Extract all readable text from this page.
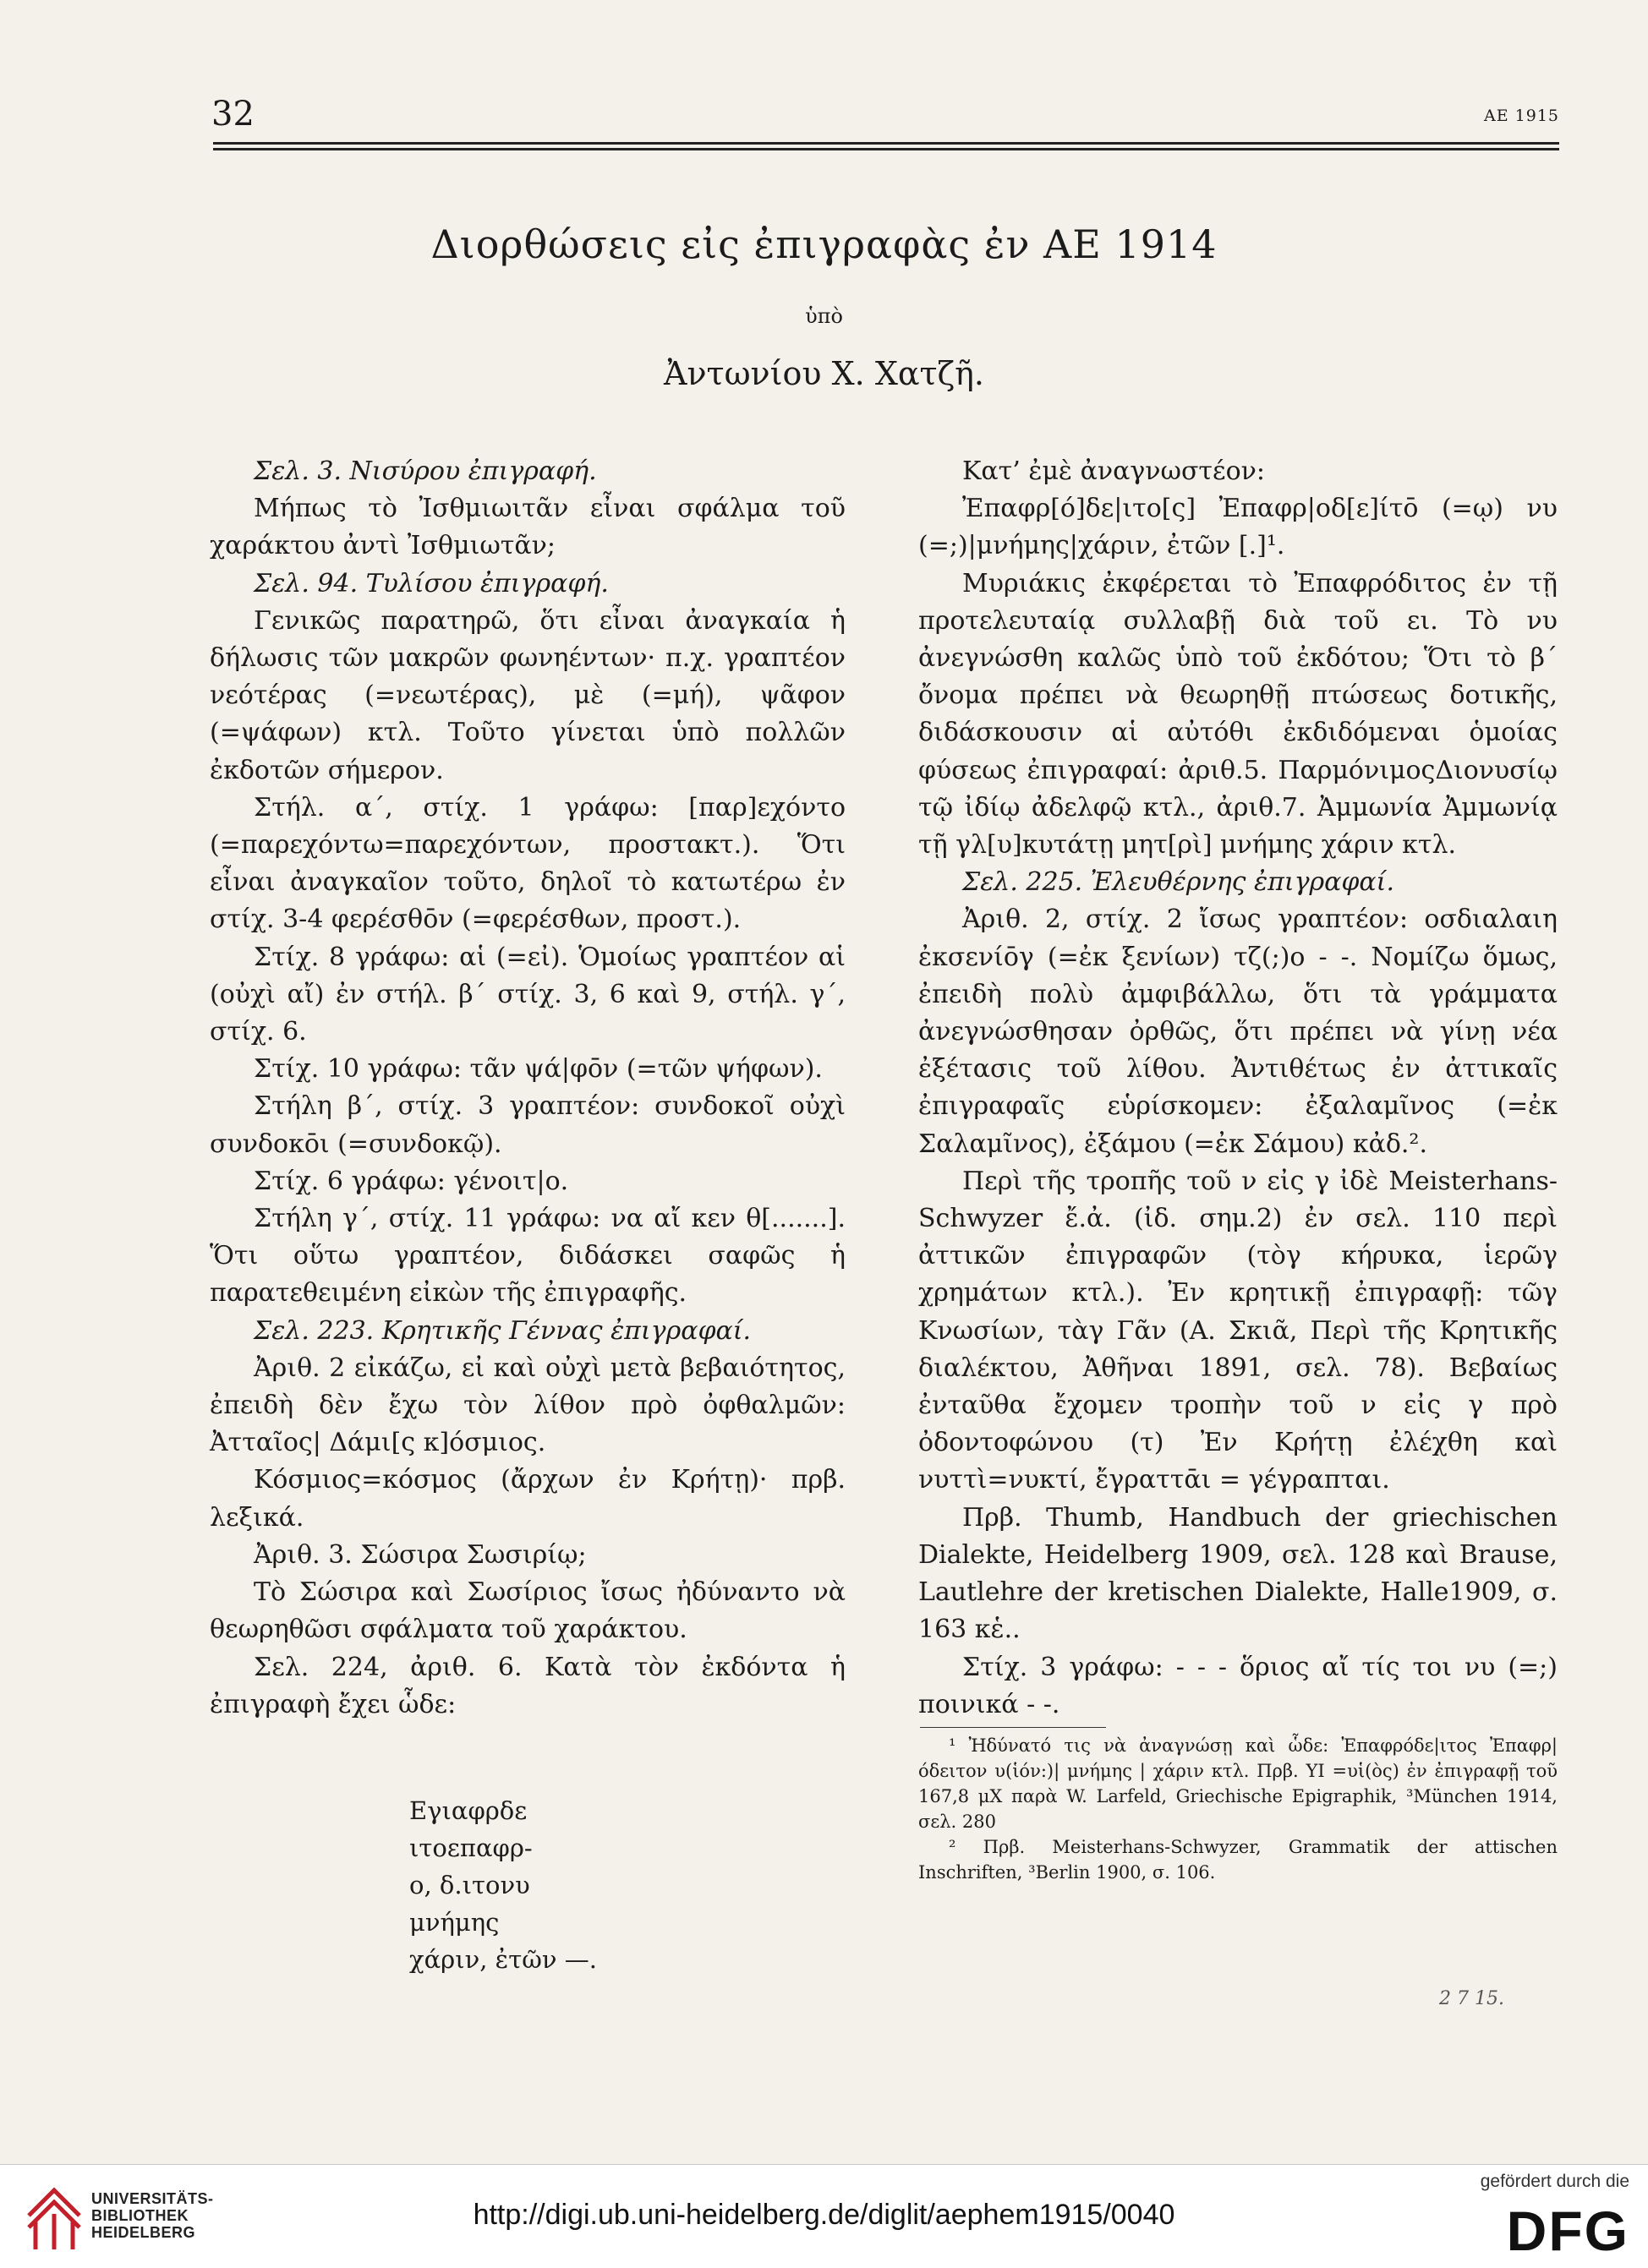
32	ΑΕ 1915
Διορθώσεις εἰς ἐπιγραφὰς ἐν ΑΕ 1914
ὑπὸ
Ἀντωνίου Χ. Χατζῆ.

Σελ. 3. Νισύρου ἐπιγραφή.

Μήπως τὸ Ἰσθμιωιτᾶν εἶναι σφάλμα τοῦ χαράκτου ἀντὶ Ἰσθμιωτᾶν;

Σελ. 94. Τυλίσου ἐπιγραφή.

Γενικῶς παρατηρῶ, ὅτι εἶναι ἀναγκαία ἡ δήλωσις τῶν μακρῶν φωνηέντων· π.χ. γραπτέον νεότέρας (=νεωτέρας), μὲ (=μή), ψᾶφον (=ψάφων) κτλ. Τοῦτο γίνεται ὑπὸ πολλῶν ἐκδοτῶν σήμερον.

Στήλ. α΄, στίχ. 1 γράφω: [παρ]εχόντο (=παρεχόντω=παρεχόντων, προστακτ.). Ὅτι εἶναι ἀναγκαῖον τοῦτο, δηλοῖ τὸ κατωτέρω ἐν στίχ. 3-4 φερέσθōν (=φερέσθων, προστ.).

Στίχ. 8 γράφω: αἱ (=εἰ). Ὁμοίως γραπτέον αἱ (οὐχὶ αἴ) ἐν στήλ. β΄ στίχ. 3, 6 καὶ 9, στήλ. γ΄, στίχ. 6.

Στίχ. 10 γράφω: τᾶν ψά|φōν (=τῶν ψήφων).

Στήλη β΄, στίχ. 3 γραπτέον: συνδοκοῖ οὐχὶ συνδοκōι (=συνδοκῷ).

Στίχ. 6 γράφω: γένοιτ|ο.

Στήλη γ΄, στίχ. 11 γράφω: να αἴ κεν θ[.......]. Ὅτι οὕτω γραπτέον, διδάσκει σαφῶς ἡ παρατεθειμένη εἰκὼν τῆς ἐπιγραφῆς.

Σελ. 223. Κρητικῆς Γέννας ἐπιγραφαί.

Ἀριθ. 2 εἰκάζω, εἰ καὶ οὐχὶ μετὰ βεβαιότητος, ἐπειδὴ δὲν ἔχω τὸν λίθον πρὸ ὀφθαλμῶν: Ἀτταῖος| Δάμι[ς κ]όσμιος.

Κόσμιος=κόσμος (ἄρχων ἐν Κρήτῃ)· πρβ. λεξικά.

Ἀριθ. 3. Σώσιρα Σωσιρίῳ;

Τὸ Σώσιρα καὶ Σωσίριος ἴσως ἠδύναντο νὰ θεωρηθῶσι σφάλματα τοῦ χαράκτου.

Σελ. 224, ἀριθ. 6. Κατὰ τὸν ἐκδόντα ἡ ἐπιγραφὴ ἔχει ὧδε:

Εγιαφρδε
ιτοεπαφρ-
ο, δ.ιτονυ
μνήμης
χάριν, ἐτῶν —.

Κατ’ ἐμὲ ἀναγνωστέον:

Ἐπαφρ[ό]δε|ιτο[ς] Ἐπαφρ|οδ[ε]ίτō (=ῳ) νυ (=;)|μνήμης|χάριν, ἐτῶν [.]¹.

Μυριάκις ἐκφέρεται τὸ Ἐπαφρόδιτος ἐν τῇ προτελευταίᾳ συλλαβῇ διὰ τοῦ ει. Τὸ νυ ἀνεγνώσθη καλῶς ὑπὸ τοῦ ἐκδότου; Ὅτι τὸ β΄ ὄνομα πρέπει νὰ θεωρηθῇ πτώσεως δοτικῆς, διδάσκουσιν αἱ αὐτόθι ἐκδιδόμεναι ὁμοίας φύσεως ἐπιγραφαί: ἀριθ.5. ΠαρμόνιμοςΔιονυσίῳ τῷ ἰδίῳ ἀδελφῷ κτλ., ἀριθ.7. Ἀμμωνία Ἀμμωνίᾳ τῇ γλ[υ]κυτάτῃ μητ[ρὶ] μνήμης χάριν κτλ.

Σελ. 225. Ἐλευθέρνης ἐπιγραφαί.

Ἀριθ. 2, στίχ. 2 ἴσως γραπτέον: οσδιαλαιη ἐκσενίōγ (=ἐκ ξενίων) τζ(;)ο - -. Νομίζω ὅμως, ἐπειδὴ πολὺ ἀμφιβάλλω, ὅτι τὰ γράμματα ἀνεγνώσθησαν ὀρθῶς, ὅτι πρέπει νὰ γίνῃ νέα ἐξέτασις τοῦ λίθου. Ἀντιθέτως ἐν ἀττικαῖς ἐπιγραφαῖς εὑρίσκομεν: ἐξαλαμῖνος (=ἐκ Σαλαμῖνος), ἐξάμου (=ἐκ Σάμου) κἀδ.².

Περὶ τῆς τροπῆς τοῦ ν εἰς γ ἰδὲ Meisterhans-Schwyzer ἔ.ἀ. (ἰδ. σημ.2) ἐν σελ. 110 περὶ ἀττικῶν ἐπιγραφῶν (τὸγ κήρυκα, ἱερῶγ χρημάτων κτλ.). Ἐν κρητικῇ ἐπιγραφῇ: τῶγ Κνωσίων, τὰγ Γᾶν (Α. Σκιᾶ, Περὶ τῆς Κρητικῆς διαλέκτου, Ἀθῆναι 1891, σελ. 78). Βεβαίως ἐνταῦθα ἔχομεν τροπὴν τοῦ ν εἰς γ πρὸ ὀδοντοφώνου (τ) Ἐν Κρήτῃ ἐλέχθη καὶ νυττὶ=νυκτί, ἔγραττᾱι = γέγραπται.

Πρβ. Thumb, Handbuch der griechischen Dialekte, Heidelberg 1909, σελ. 128 καὶ Brause, Lautlehre der kretischen Dialekte, Halle1909, σ. 163 κἑ..

Στίχ. 3 γράφω: - - - ὅριος αἴ τίς τοι νυ (=;) ποινικά - -.

¹ Ἠδύνατό τις νὰ ἀναγνώσῃ καὶ ὧδε: Ἐπαφρόδε|ιτος Ἐπαφρ|όδειτον υ(ἱόν:)| μνήμης | χάριν κτλ. Πρβ. ΥΙ =υἱ(ὸς) ἐν ἐπιγραφῇ τοῦ 167,8 μΧ παρὰ W. Larfeld, Griechische Epigraphik, ³München 1914, σελ. 280

² Πρβ. Meisterhans-Schwyzer, Grammatik der attischen Inschriften, ³Berlin 1900, σ. 106.

2 7 15.
UNIVERSITÄTS-
BIBLIOTHEK
HEIDELBERG
http://digi.ub.uni-heidelberg.de/diglit/aephem1915/0040
gefördert durch die
DFG
